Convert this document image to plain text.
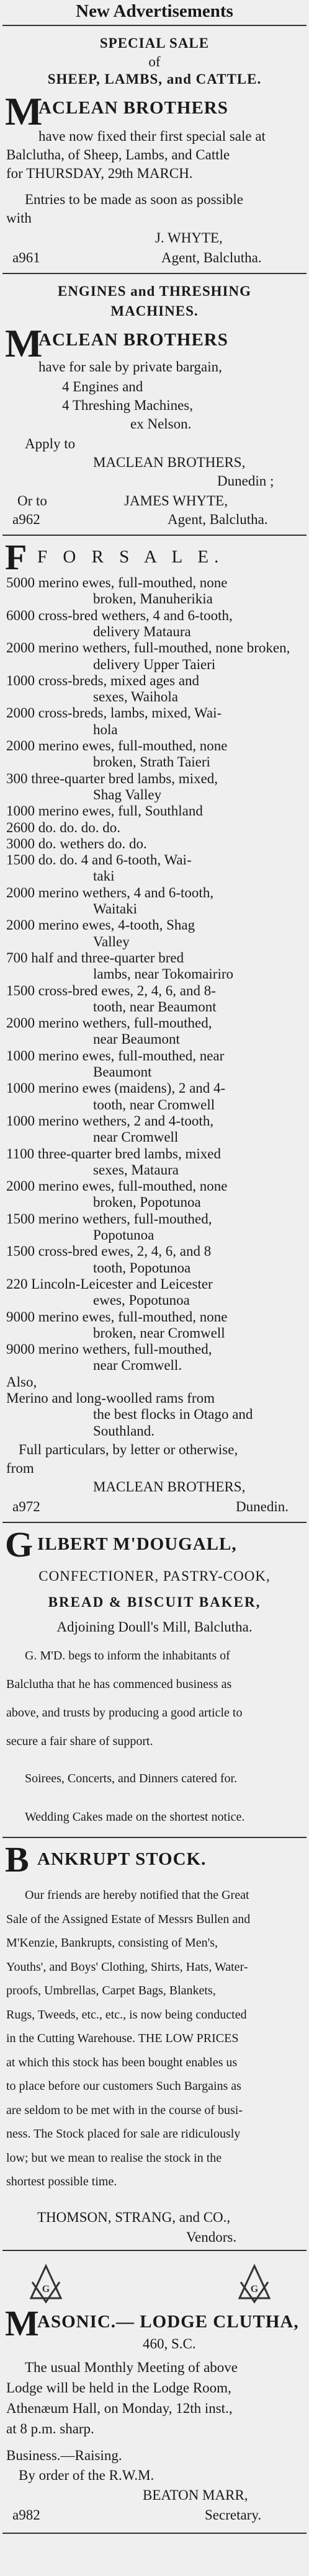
New Advertisements
SPECIAL SALE
of
SHEEP, LAMBS, and CATTLE.
M
ACLEAN BROTHERS
have now fixed their first special sale at
Balclutha, of Sheep, Lambs, and Cattle
for THURSDAY, 29th MARCH.
Entries to be made as soon as possible
with
J. WHYTE,
a961	Agent, Balclutha.
ENGINES and THRESHING
MACHINES.
M
ACLEAN BROTHERS
have for sale by private bargain,
4 Engines and
4 Threshing Machines,
ex Nelson.
Apply to
MACLEAN BROTHERS,
Dunedin ;
Or to	JAMES WHYTE,
a962	Agent, Balclutha.
F F O R S A L E.
5000 merino ewes, full-mouthed, none
broken, Manuherikia
6000 cross-bred wethers, 4 and 6-tooth,
delivery Mataura
2000 merino wethers, full-mouthed, none broken,
delivery Upper Taieri
1000 cross-breds, mixed ages and
sexes, Waihola
2000 cross-breds, lambs, mixed, Wai-
hola
2000 merino ewes, full-mouthed, none
broken, Strath Taieri
300 three-quarter bred lambs, mixed,
Shag Valley
1000 merino ewes, full, Southland
2600 do. do. do. do.
3000 do. wethers do. do.
1500 do. do. 4 and 6-tooth, Wai-
taki
2000 merino wethers, 4 and 6-tooth,
Waitaki
2000 merino ewes, 4-tooth, Shag
Valley
700 half and three-quarter bred
lambs, near Tokomairiro
1500 cross-bred ewes, 2, 4, 6, and 8-
tooth, near Beaumont
2000 merino wethers, full-mouthed,
near Beaumont
1000 merino ewes, full-mouthed, near
Beaumont
1000 merino ewes (maidens), 2 and 4-
tooth, near Cromwell
1000 merino wethers, 2 and 4-tooth,
near Cromwell
1100 three-quarter bred lambs, mixed
sexes, Mataura
2000 merino ewes, full-mouthed, none
broken, Popotunoa
1500 merino wethers, full-mouthed,
Popotunoa
1500 cross-bred ewes, 2, 4, 6, and 8
tooth, Popotunoa
220 Lincoln-Leicester and Leicester
ewes, Popotunoa
9000 merino ewes, full-mouthed, none
broken, near Cromwell
9000 merino wethers, full-mouthed,
near Cromwell.
Also,
Merino and long-woolled rams from
the best flocks in Otago and
Southland.
Full particulars, by letter or otherwise,
from
MACLEAN BROTHERS,
a972	Dunedin.
G ILBERT M'DOUGALL,
CONFECTIONER, PASTRY-COOK,
BREAD & BISCUIT BAKER,
Adjoining Doull's Mill, Balclutha.
G. M'D. begs to inform the inhabitants of
Balclutha that he has commenced business as
above, and trusts by producing a good article to
secure a fair share of support.
Soirees, Concerts, and Dinners catered for.
Wedding Cakes made on the shortest notice.
B ANKRUPT STOCK.
Our friends are hereby notified that the Great
Sale of the Assigned Estate of Messrs Bullen and
M'Kenzie, Bankrupts, consisting of Men's,
Youths', and Boys' Clothing, Shirts, Hats, Water-
proofs, Umbrellas, Carpet Bags, Blankets,
Rugs, Tweeds, etc., etc., is now being conducted
in the Cutting Warehouse. THE LOW PRICES
at which this stock has been bought enables us
to place before our customers Such Bargains as
are seldom to be met with in the course of busi-
ness. The Stock placed for sale are ridiculously
low; but we mean to realise the stock in the
shortest possible time.
THOMSON, STRANG, and CO.,
Vendors.
G	G
M
ASONIC.— LODGE CLUTHA,
460, S.C.
The usual Monthly Meeting of above
Lodge will be held in the Lodge Room,
Athenæum Hall, on Monday, 12th inst.,
at 8 p.m. sharp.
Business.—Raising.
By order of the R.W.M.
BEATON MARR,
a982	Secretary.
